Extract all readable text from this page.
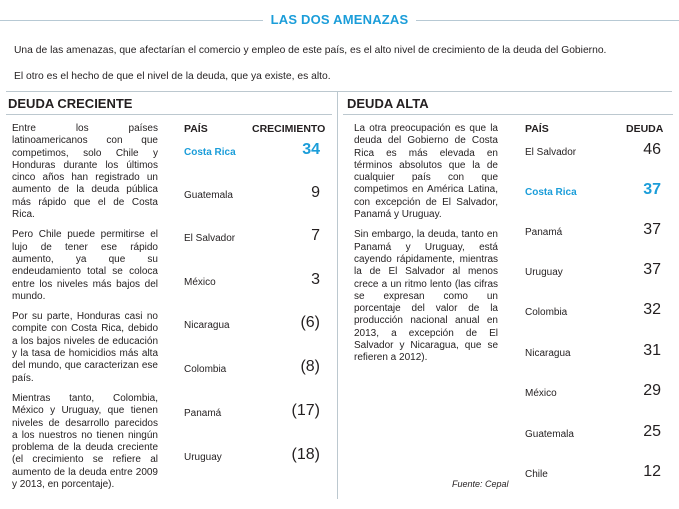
LAS DOS AMENAZAS
Una de las amenazas, que afectarían el comercio y empleo de este país, es el alto nivel de crecimiento de la deuda del Gobierno.
El otro es el hecho de que el nivel de la deuda, que ya existe, es alto.
DEUDA CRECIENTE

Entre los países latinoamericanos con que competimos, solo Chile y Honduras durante los últimos cinco años han registrado un aumento de la deuda pública más rápido que el de Costa Rica.

Pero Chile puede permitirse el lujo de tener ese rápido aumento, ya que su endeudamiento total se coloca entre los niveles más bajos del mundo.

Por su parte, Honduras casi no compite con Costa Rica, debido a los bajos niveles de educación y la tasa de homicidios más alta del mundo, que caracterizan ese país.

Mientras tanto, Colombia, México y Uruguay, que tienen niveles de desarrollo parecidos a los nuestros no tienen ningún problema de la deuda creciente (el crecimiento se refiere al aumento de la deuda entre 2009 y 2013, en porcentaje).

PAÍS	CRECIMIENTO
Costa Rica	34
Guatemala	9
El Salvador	7
México	3
Nicaragua	(6)
Colombia	(8)
Panamá	(17)
Uruguay	(18)
DEUDA ALTA

La otra preocupación es que la deuda del Gobierno de Costa Rica es más elevada en términos absolutos que la de cualquier país con que competimos en América Latina, con excepción de El Salvador, Panamá y Uruguay.

Sin embargo, la deuda, tanto en Panamá y Uruguay, está cayendo rápidamente, mientras la de El Salvador al menos crece a un ritmo lento (las cifras se expresan como un porcentaje del valor de la producción nacional anual en 2013, a excepción de El Salvador y Nicaragua, que se refieren a 2012).

Fuente: Cepal
PAÍS	DEUDA
El Salvador	46
Costa Rica	37
Panamá	37
Uruguay	37
Colombia	32
Nicaragua	31
México	29
Guatemala	25
Chile	12
